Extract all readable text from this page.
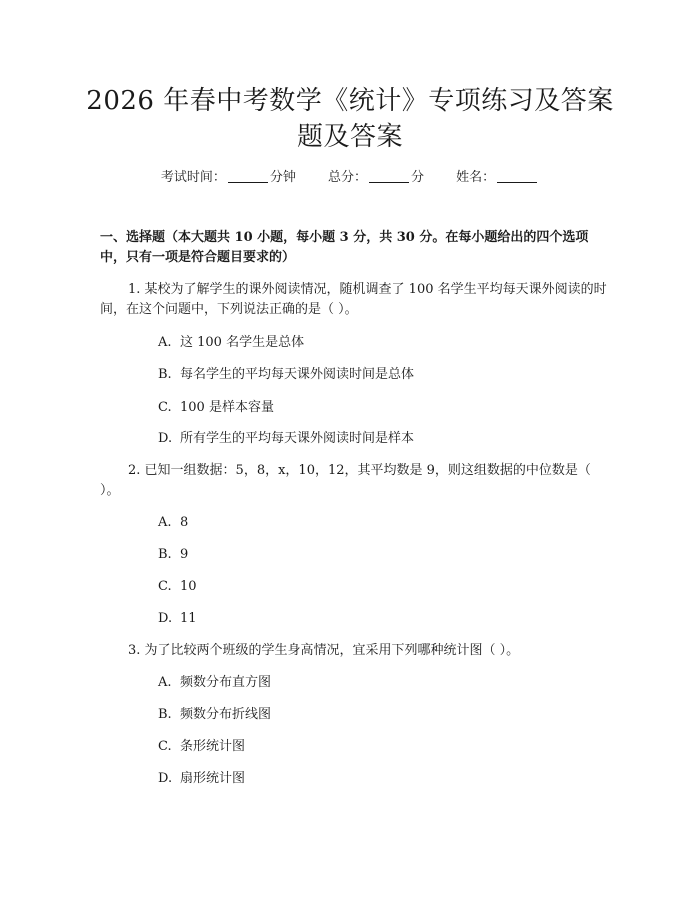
2026 年春中考数学《统计》专项练习及答案
题及答案
考试时间：	分钟 总分：	分 姓名：
一、选择题（本大题共 10 小题，每小题 3 分，共 30 分。在每小题给出的四个选项中，只有一项是符合题目要求的）
1. 某校为了解学生的课外阅读情况，随机调查了 100 名学生平均每天课外阅读的时间，在这个问题中，下列说法正确的是（ ）。
A. 这 100 名学生是总体
B. 每名学生的平均每天课外阅读时间是总体
C. 100 是样本容量
D. 所有学生的平均每天课外阅读时间是样本
2. 已知一组数据：5，8，x，10，12，其平均数是 9，则这组数据的中位数是（ ）。
A. 8
B. 9
C. 10
D. 11
3. 为了比较两个班级的学生身高情况，宜采用下列哪种统计图（ ）。
A. 频数分布直方图
B. 频数分布折线图
C. 条形统计图
D. 扇形统计图
